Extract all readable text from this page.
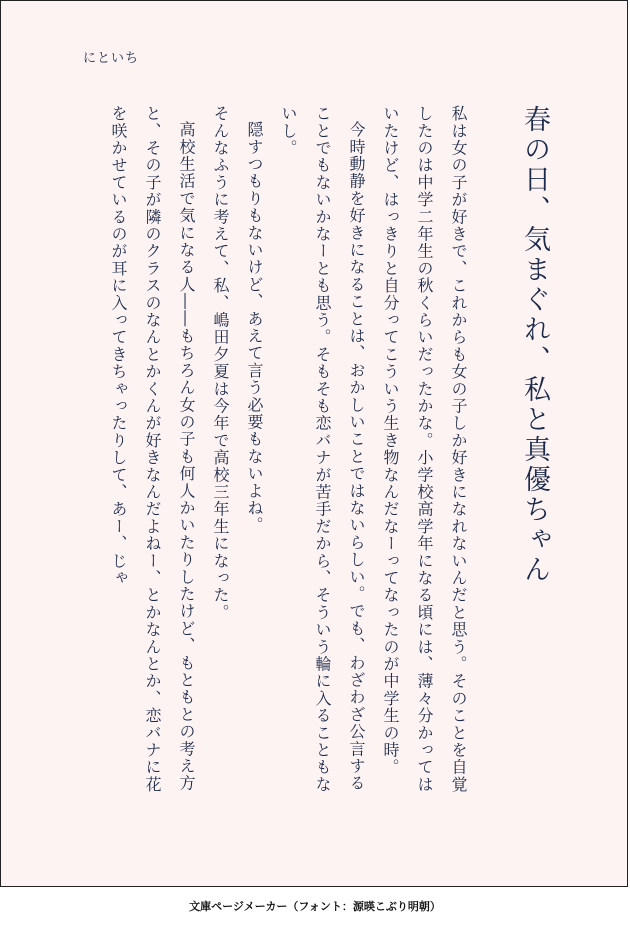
にといち
春の日、気まぐれ、私と真優ちゃん

私は女の子が好きで、これからも女の子しか好きになれないんだと思う。そのことを自覚したのは中学二年生の秋くらいだったかな。小学校高学年になる頃には、薄々分かってはいたけど、はっきりと自分ってこういう生き物なんだなーってなったのが中学生の時。

今時動静を好きになることは、おかしいことではないらしい。でも、わざわざ公言することでもないかなーとも思う。そもそも恋バナが苦手だから、そういう輪に入ることもないし。

隠すつもりもないけど、あえて言う必要もないよね。

そんなふうに考えて、私、嶋田夕夏は今年で高校三年生になった。

高校生活で気になる人――もちろん女の子も何人かいたりしたけど、もともとの考え方と、その子が隣のクラスのなんとかくんが好きなんだよねー、とかなんとか、恋バナに花を咲かせているのが耳に入ってきちゃったりして、あー、じゃ

文庫ページメーカー（フォント：源暎こぶり明朝）
